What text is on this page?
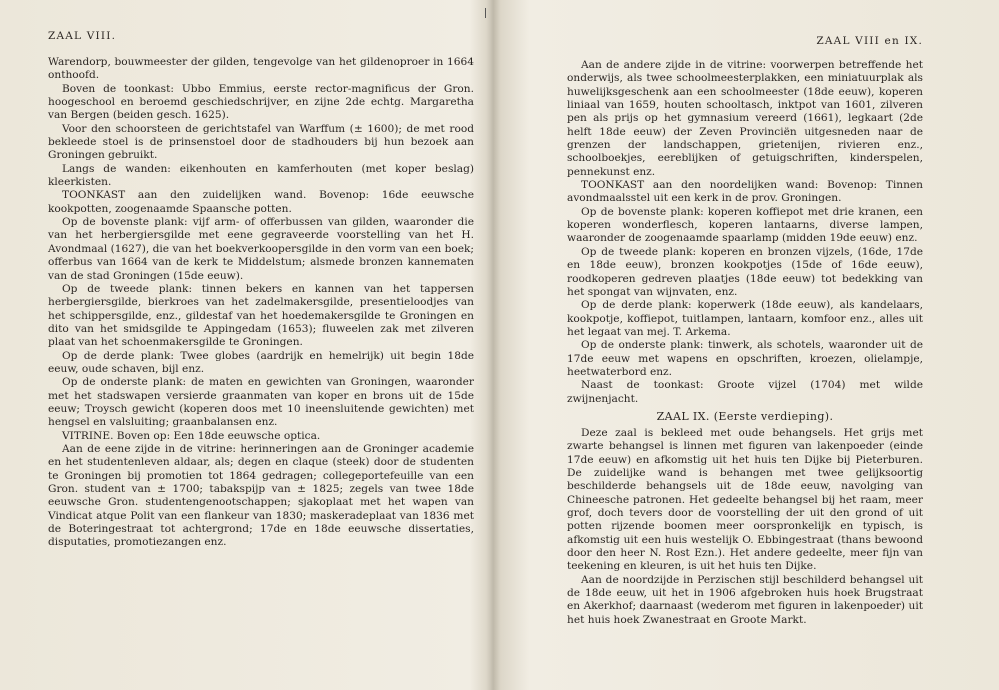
ZAAL VIII.

Warendorp, bouwmeester der gilden, tengevolge van het gildenoproer in 1664 onthoofd.

Boven de toonkast: Ubbo Emmius, eerste rector-magnificus der Gron. hoogeschool en beroemd geschiedschrijver, en zijne 2de echtg. Margaretha van Bergen (beiden gesch. 1625).

Voor den schoorsteen de gerichtstafel van Warffum (± 1600); de met rood bekleede stoel is de prinsenstoel door de stadhouders bij hun bezoek aan Groningen gebruikt.

Langs de wanden: eikenhouten en kamferhouten (met koper beslag) kleerkisten.

TOONKAST aan den zuidelijken wand. Bovenop: 16de eeuwsche kookpotten, zoogenaamde Spaansche potten.

Op de bovenste plank: vijf arm- of offerbussen van gilden, waaronder die van het herbergiersgilde met eene gegraveerde voorstelling van het H. Avondmaal (1627), die van het boekverkoopersgilde in den vorm van een boek; offerbus van 1664 van de kerk te Middelstum; alsmede bronzen kannematen van de stad Groningen (15de eeuw).

Op de tweede plank: tinnen bekers en kannen van het tappersen herbergiersgilde, bierkroes van het zadelmakersgilde, presentieloodjes van het schippersgilde, enz., gildestaf van het hoedemakersgilde te Groningen en dito van het smidsgilde te Appingedam (1653); fluweelen zak met zilveren plaat van het schoenmakersgilde te Groningen.

Op de derde plank: Twee globes (aardrijk en hemelrijk) uit begin 18de eeuw, oude schaven, bijl enz.

Op de onderste plank: de maten en gewichten van Groningen, waaronder met het stadswapen versierde graanmaten van koper en brons uit de 15de eeuw; Troysch gewicht (koperen doos met 10 ineensluitende gewichten) met hengsel en valsluiting; graanbalansen enz.

VITRINE. Boven op: Een 18de eeuwsche optica.

Aan de eene zijde in de vitrine: herinneringen aan de Groninger academie en het studentenleven aldaar, als; degen en claque (steek) door de studenten te Groningen bij promotien tot 1864 gedragen; collegeportefeuille van een Gron. student van ± 1700; tabakspijp van ± 1825; zegels van twee 18de eeuwsche Gron. studentengenootschappen; sjakoplaat met het wapen van Vindicat atque Polit van een flankeur van 1830; maskeradeplaat van 1836 met de Boteringestraat tot achtergrond; 17de en 18de eeuwsche dissertaties, disputaties, promotiezangen enz.

ZAAL VIII en IX.

Aan de andere zijde in de vitrine: voorwerpen betreffende het onderwijs, als twee schoolmeesterplakken, een miniatuurplak als huwelijksgeschenk aan een schoolmeester (18de eeuw), koperen liniaal van 1659, houten schooltasch, inktpot van 1601, zilveren pen als prijs op het gymnasium vereerd (1661), legkaart (2de helft 18de eeuw) der Zeven Provinciën uitgesneden naar de grenzen der landschappen, grietenijen, rivieren enz., schoolboekjes, eereblijken of getuigschriften, kinderspelen, pennekunst enz.

TOONKAST aan den noordelijken wand: Bovenop: Tinnen avondmaalsstel uit een kerk in de prov. Groningen.

Op de bovenste plank: koperen koffiepot met drie kranen, een koperen wonderflesch, koperen lantaarns, diverse lampen, waaronder de zoogenaamde spaarlamp (midden 19de eeuw) enz.

Op de tweede plank: koperen en bronzen vijzels, (16de, 17de en 18de eeuw), bronzen kookpotjes (15de of 16de eeuw), roodkoperen gedreven plaatjes (18de eeuw) tot bedekking van het spongat van wijnvaten, enz.

Op de derde plank: koperwerk (18de eeuw), als kandelaars, kookpotje, koffiepot, tuitlampen, lantaarn, komfoor enz., alles uit het legaat van mej. T. Arkema.

Op de onderste plank: tinwerk, als schotels, waaronder uit de 17de eeuw met wapens en opschriften, kroezen, olielampje, heetwaterbord enz.

Naast de toonkast: Groote vijzel (1704) met wilde zwijnenjacht.

ZAAL IX. (Eerste verdieping).

Deze zaal is bekleed met oude behangsels. Het grijs met zwarte behangsel is linnen met figuren van lakenpoeder (einde 17de eeuw) en afkomstig uit het huis ten Dijke bij Pieterburen. De zuidelijke wand is behangen met twee gelijksoortig beschilderde behangsels uit de 18de eeuw, navolging van Chineesche patronen. Het gedeelte behangsel bij het raam, meer grof, doch tevers door de voorstelling der uit den grond of uit potten rijzende boomen meer oorspronkelijk en typisch, is afkomstig uit een huis westelijk O. Ebbingestraat (thans bewoond door den heer N. Rost Ezn.). Het andere gedeelte, meer fijn van teekening en kleuren, is uit het huis ten Dijke.

Aan de noordzijde in Perzischen stijl beschilderd behangsel uit de 18de eeuw, uit het in 1906 afgebroken huis hoek Brugstraat en Akerkhof; daarnaast (wederom met figuren in lakenpoeder) uit het huis hoek Zwanestraat en Groote Markt.
